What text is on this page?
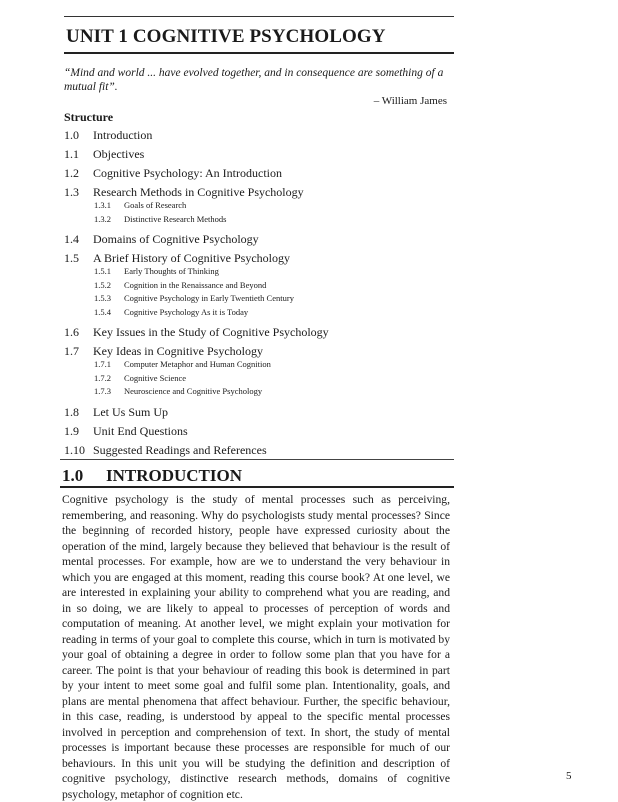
UNIT 1 COGNITIVE PSYCHOLOGY
“Mind and world ... have evolved together, and in consequence are something of a mutual fit”.
– William James
Structure
1.0 Introduction
1.1 Objectives
1.2 Cognitive Psychology: An Introduction
1.3 Research Methods in Cognitive Psychology
1.3.1 Goals of Research
1.3.2 Distinctive Research Methods
1.4 Domains of Cognitive Psychology
1.5 A Brief History of Cognitive Psychology
1.5.1 Early Thoughts of Thinking
1.5.2 Cognition in the Renaissance and Beyond
1.5.3 Cognitive Psychology in Early Twentieth Century
1.5.4 Cognitive Psychology As it is Today
1.6 Key Issues in the Study of Cognitive Psychology
1.7 Key Ideas in Cognitive Psychology
1.7.1 Computer Metaphor and Human Cognition
1.7.2 Cognitive Science
1.7.3 Neuroscience and Cognitive Psychology
1.8 Let Us Sum Up
1.9 Unit End Questions
1.10 Suggested Readings and References
1.0 INTRODUCTION
Cognitive psychology is the study of mental processes such as perceiving, remembering, and reasoning. Why do psychologists study mental processes? Since the beginning of recorded history, people have expressed curiosity about the operation of the mind, largely because they believed that behaviour is the result of mental processes. For example, how are we to understand the very behaviour in which you are engaged at this moment, reading this course book? At one level, we are interested in explaining your ability to comprehend what you are reading, and in so doing, we are likely to appeal to processes of perception of words and computation of meaning. At another level, we might explain your motivation for reading in terms of your goal to complete this course, which in turn is motivated by your goal of obtaining a degree in order to follow some plan that you have for a career. The point is that your behaviour of reading this book is determined in part by your intent to meet some goal and fulfil some plan. Intentionality, goals, and plans are mental phenomena that affect behaviour. Further, the specific behaviour, in this case, reading, is understood by appeal to the specific mental processes involved in perception and comprehension of text. In short, the study of mental processes is important because these processes are responsible for much of our behaviours. In this unit you will be studying the definition and description of cognitive psychology, distinctive research methods, domains of cognitive psychology, metaphor of cognition etc.
5
